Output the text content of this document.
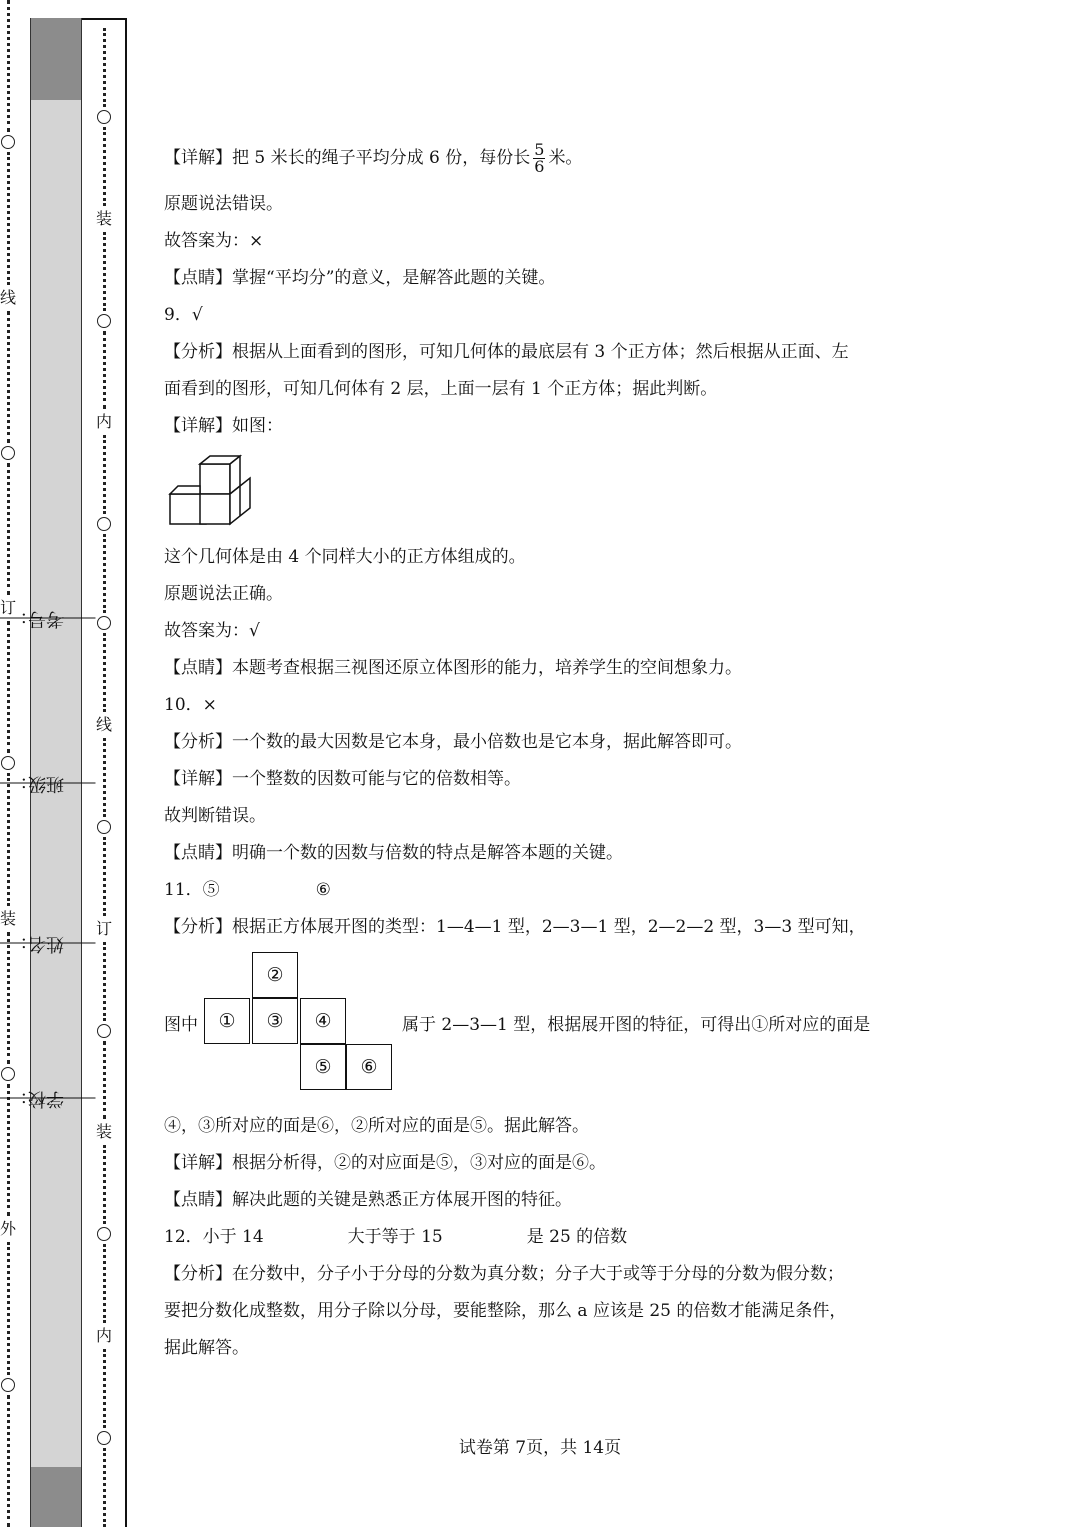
线
订
装
外
考号：
班级：
姓名：
学校：
装
内
线
订
装
内
【详解】把 5 米长的绳子平均分成 6 份，每份长 $\frac{5}{6}$ 米。
原题说法错误。
故答案为：×
【点睛】掌握“平均分”的意义，是解答此题的关键。
9．√
【分析】根据从上面看到的图形，可知几何体的最底层有 3 个正方体；然后根据从正面、左
面看到的图形，可知几何体有 2 层，上面一层有 1 个正方体；据此判断。
【详解】如图：
这个几何体是由 4 个同样大小的正方体组成的。
原题说法正确。
故答案为：√
【点睛】本题考查根据三视图还原立体图形的能力，培养学生的空间想象力。
10．×
【分析】一个数的最大因数是它本身，最小倍数也是它本身，据此解答即可。
【详解】一个整数的因数可能与它的倍数相等。
故判断错误。
【点睛】明确一个数的因数与倍数的特点是解答本题的关键。
11．⑤	⑥
【分析】根据正方体展开图的类型：1—4—1 型，2—3—1 型，2—2—2 型，3—3 型可知，
图中
②
①	③	④
⑤	⑥
属于 2—3—1 型，根据展开图的特征，可得出①所对应的面是
④，③所对应的面是⑥，②所对应的面是⑤。据此解答。
【详解】根据分析得，②的对应面是⑤，③对应的面是⑥。
【点睛】解决此题的关键是熟悉正方体展开图的特征。
12．小于 14	大于等于 15	是 25 的倍数
【分析】在分数中，分子小于分母的分数为真分数；分子大于或等于分母的分数为假分数；
要把分数化成整数，用分子除以分母，要能整除，那么 a 应该是 25 的倍数才能满足条件，
据此解答。
试卷第 7页，共 14页
